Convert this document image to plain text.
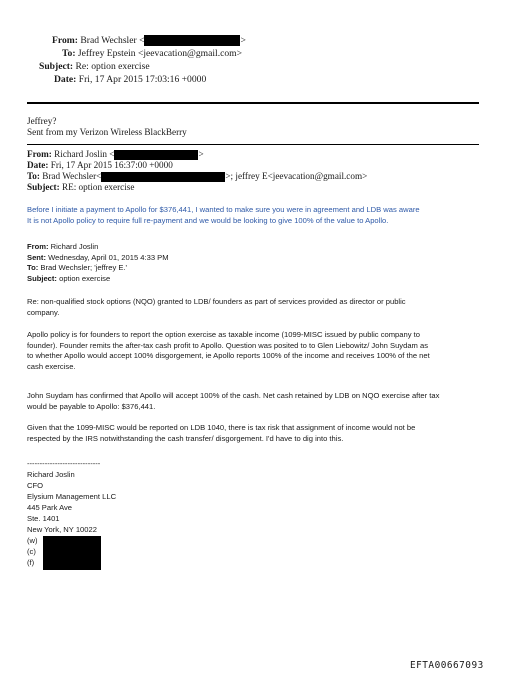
From: Brad Wechsler <	>
To: Jeffrey Epstein <jeevacation@gmail.com>
Subject: Re: option exercise
Date: Fri, 17 Apr 2015 17:03:16 +0000
Jeffrey?
Sent from my Verizon Wireless BlackBerry
From: Richard Joslin <	>
Date: Fri, 17 Apr 2015 16:37:00 +0000
To: Brad Wechsler<	>; jeffrey E<jeevacation@gmail.com>
Subject: RE: option exercise
Before I initiate a payment to Apollo for $376,441, I wanted to make sure you were in agreement and LDB was aware
It is not Apollo policy to require full re-payment and we would be looking to give 100% of the value to Apollo.
From: Richard Joslin
Sent: Wednesday, April 01, 2015 4:33 PM
To: Brad Wechsler; 'jeffrey E.'
Subject: option exercise
Re: non-qualified stock options (NQO) granted to LDB/ founders as part of services provided as director or public
company.
Apollo policy is for founders to report the option exercise as taxable income (1099-MISC issued by public company to
founder). Founder remits the after-tax cash profit to Apollo. Question was posited to to Glen Liebowitz/ John Suydam as
to whether Apollo would accept 100% disgorgement, ie Apollo reports 100% of the income and receives 100% of the net
cash exercise.
John Suydam has confirmed that Apollo will accept 100% of the cash. Net cash retained by LDB on NQO exercise after tax
would be payable to Apollo: $376,441.
Given that the 1099-MISC would be reported on LDB 1040, there is tax risk that assignment of income would not be
respected by the IRS notwithstanding the cash transfer/ disgorgement. I'd have to dig into this.
-----------------------------
Richard Joslin
CFO
Elysium Management LLC
445 Park Ave
Ste. 1401
New York, NY 10022
(w)
(c)
(f)
EFTA00667093
